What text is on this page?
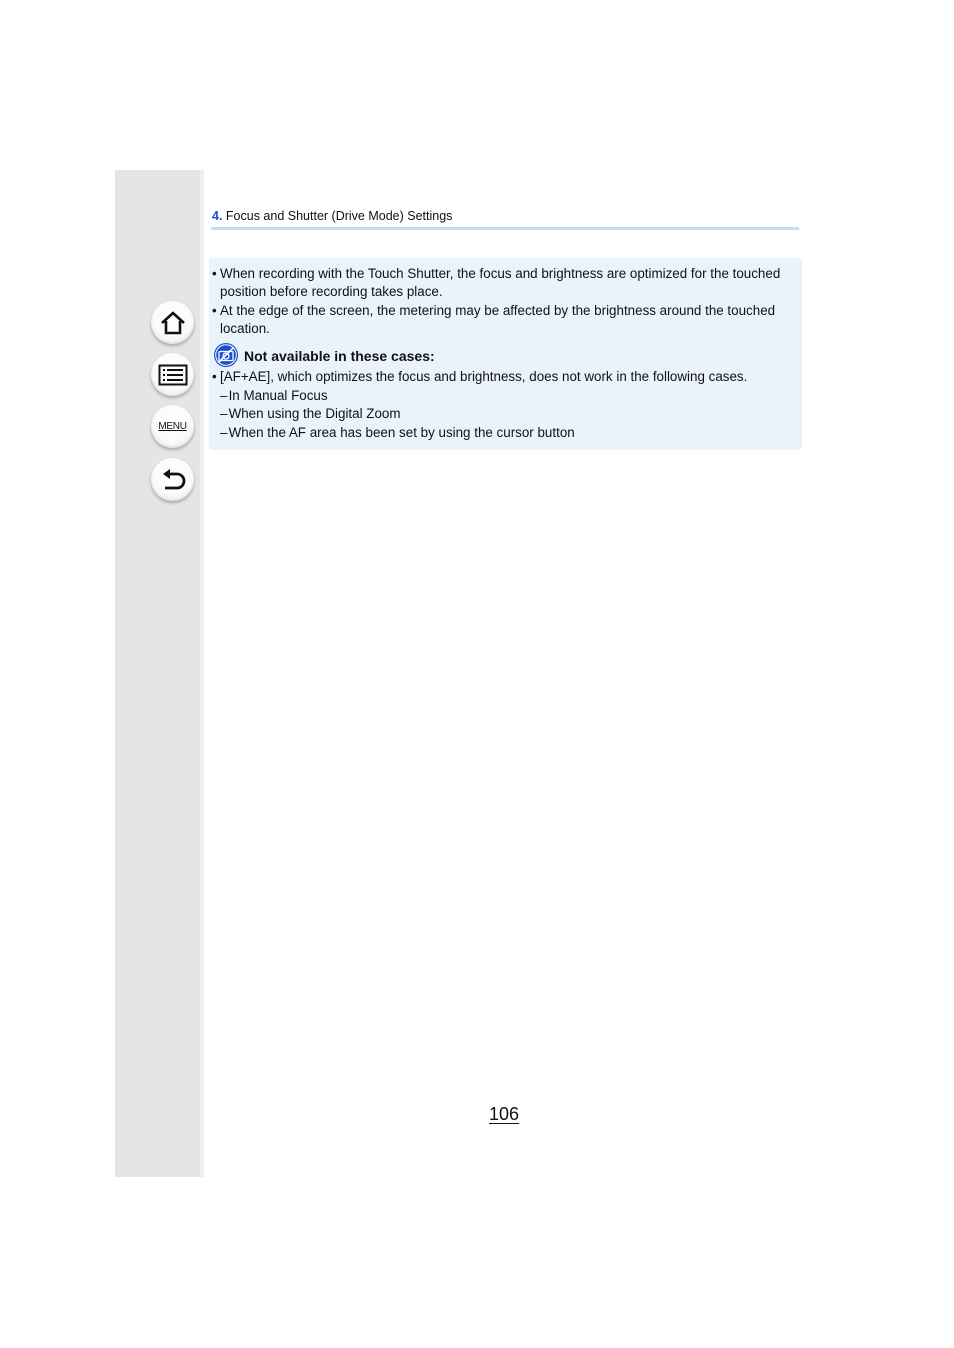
MENU
4. Focus and Shutter (Drive Mode) Settings
• When recording with the Touch Shutter, the focus and brightness are optimized for the touched
position before recording takes place.
• At the edge of the screen, the metering may be affected by the brightness around the touched
location.
Not available in these cases:
• [AF+AE], which optimizes the focus and brightness, does not work in the following cases.
– In Manual Focus
– When using the Digital Zoom
– When the AF area has been set by using the cursor button
106
